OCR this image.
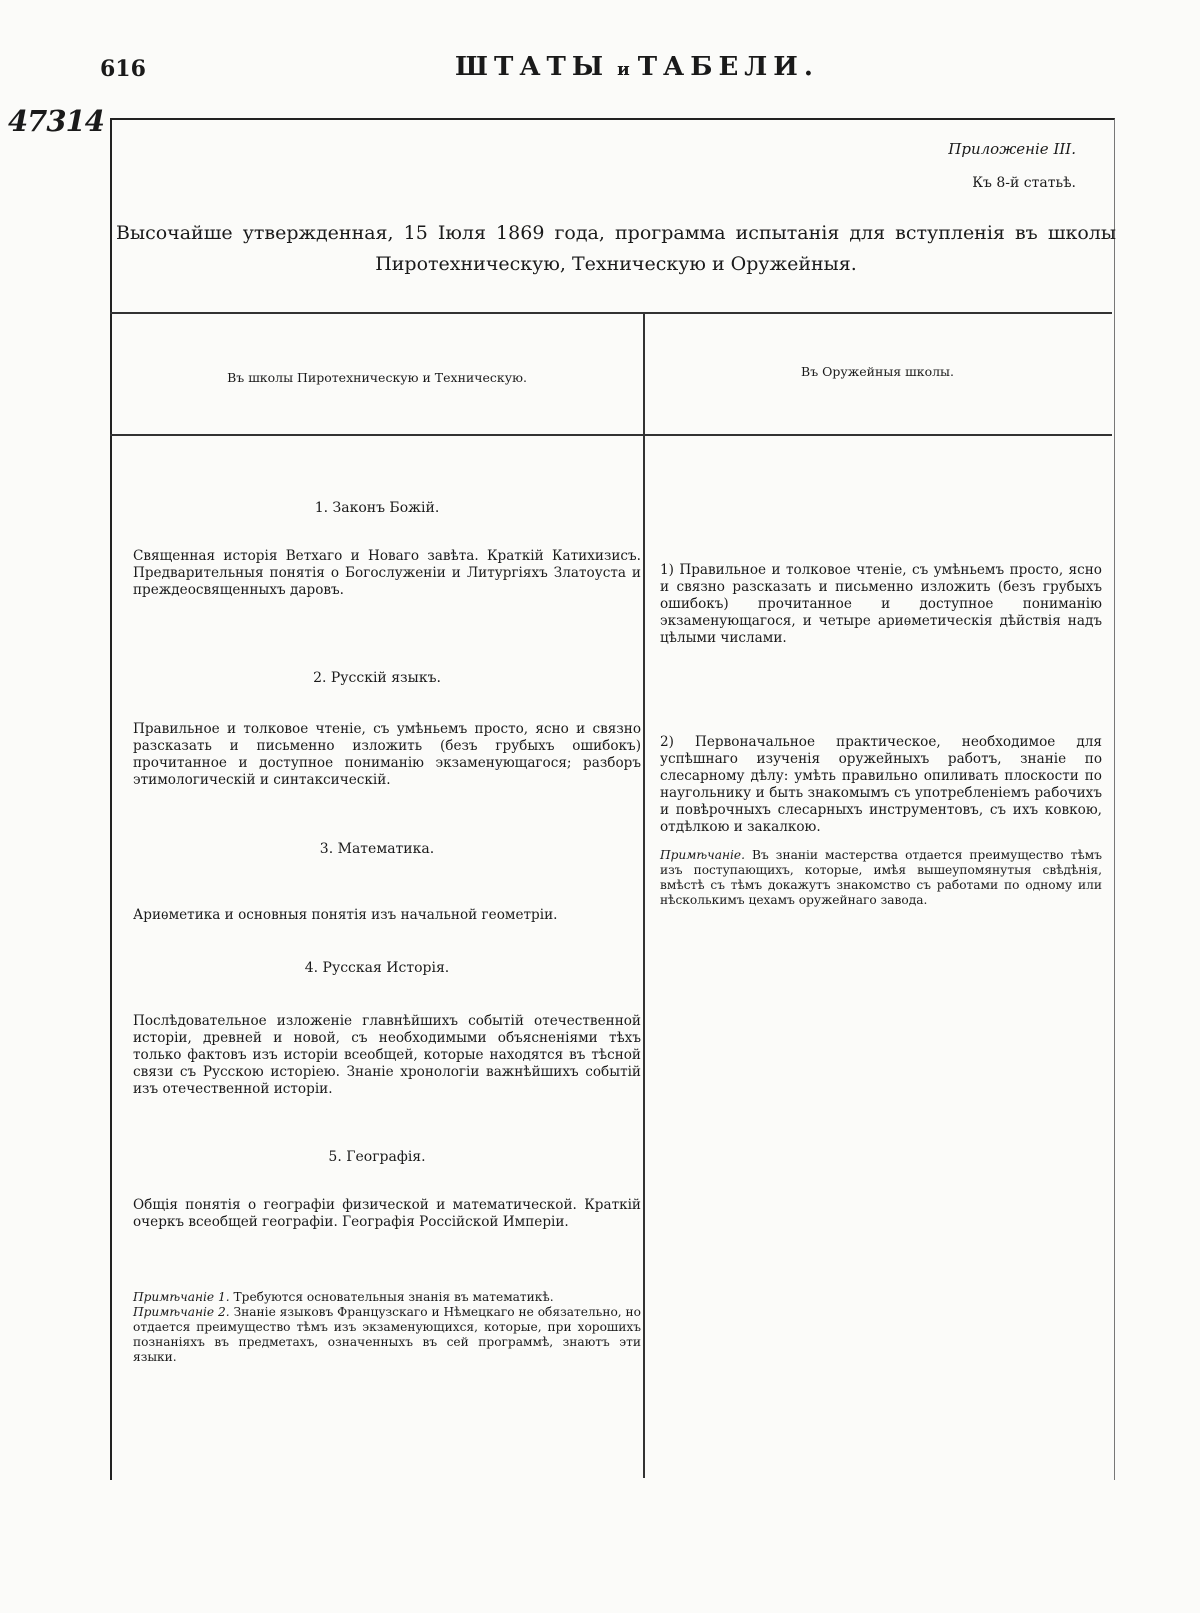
616	ШТАТЫ и ТАБЕЛИ.
47314
Приложенiе III.
Къ 8-й статьѣ.
Высочайше утвержденная, 15 Iюля 1869 года, программа испытанiя для вступленiя въ школы
Пиротехническую, Техническую и Оружейныя.
Въ школы Пиротехническую и Техническую.	Въ Оружейныя школы.
1. Законъ Божiй.

Священная исторiя Ветхаго и Новаго завѣта. Краткiй Катихизисъ. Предварительныя понятiя о Богослуженiи и Литургiяхъ Златоуста и преждеосвященныхъ даровъ.

2. Русскiй языкъ.

Правильное и толковое чтенiе, съ умѣньемъ просто, ясно и связно разсказать и письменно изложить (безъ грубыхъ ошибокъ) прочитанное и доступное пониманiю экзаменующагося; разборъ этимологическiй и синтаксическiй.

3. Математика.

Ариѳметика и основныя понятiя изъ начальной геометрiи.

4. Русская Исторiя.

Послѣдовательное изложенiе главнѣйшихъ событiй отечественной исторiи, древней и новой, съ необходимыми объясненiями тѣхъ только фактовъ изъ исторiи всеобщей, которые находятся въ тѣсной связи съ Русскою исторiею. Знанiе хронологiи важнѣйшихъ событiй изъ отечественной исторiи.

5. Географiя.

Общiя понятiя о географiи физической и математической. Краткiй очеркъ всеобщей географiи. Географiя Россiйской Имперiи.

Примѣчанiе 1. Требуются основательныя знанiя въ математикѣ.

Примѣчанiе 2. Знанiе языковъ Французскаго и Нѣмецкаго не обязательно, но отдается преимущество тѣмъ изъ экзаменующихся, которые, при хорошихъ познанiяхъ въ предметахъ, означенныхъ въ сей программѣ, знаютъ эти языки.

1) Правильное и толковое чтенiе, съ умѣньемъ просто, ясно и связно разсказать и письменно изложить (безъ грубыхъ ошибокъ) прочитанное и доступное пониманiю экзаменующагося, и четыре ариѳметическiя дѣйствiя надъ цѣлыми числами.

2) Первоначальное практическое, необходимое для успѣшнаго изученiя оружейныхъ работъ, знанiе по слесарному дѣлу: умѣть правильно опиливать плоскости по наугольнику и быть знакомымъ съ употребленiемъ рабочихъ и повѣрочныхъ слесарныхъ инструментовъ, съ ихъ ковкою, отдѣлкою и закалкою.

Примѣчанiе. Въ знанiи мастерства отдается преимущество тѣмъ изъ поступающихъ, которые, имѣя вышеупомянутыя свѣдѣнiя, вмѣстѣ съ тѣмъ докажутъ знакомство съ работами по одному или нѣсколькимъ цехамъ оружейнаго завода.
